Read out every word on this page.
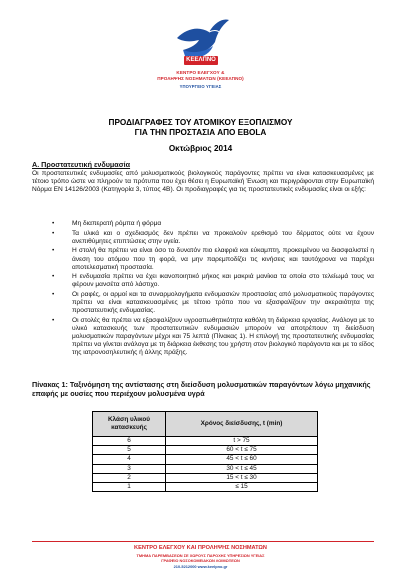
ΚΕΕΛΠΝΟ
ΚΕΝΤΡΟ ΕΛΕΓΧΟΥ &
ΠΡΟΛΗΨΗΣ ΝΟΣΗΜΑΤΩΝ (ΚΕΕΛΠΝΟ)
ΥΠΟΥΡΓΕΙΟ ΥΓΕΙΑΣ
ΠΡΟΔΙΑΓΡΑΦΕΣ ΤΟΥ ΑΤΟΜΙΚΟΥ ΕΞΟΠΛΙΣΜΟΥ
ΓΙΑ ΤΗΝ ΠΡΟΣΤΑΣΙΑ ΑΠΟ EBOLA
Οκτώβριος 2014
Α. Προστατευτική ενδυμασία
Οι προστατευτικές ενδυμασίες από μολυσματικούς βιολογικούς παράγοντες πρέπει να είναι κατασκευασμένες με τέτοιο τρόπο ώστε να πληρούν τα πρότυπα που έχει θέσει η Ευρωπαϊκή Ένωση και περιγράφονται στην Ευρωπαϊκή Νόρμα ΕΝ 14126/2003 (Κατηγορία 3, τύπος 4Β). Οι προδιαγραφές για τις προστατευτικές ενδυμασίες είναι οι εξής:
•	Μη διαπερατή ρόμπα ή φόρμα
•	Τα υλικά και ο σχεδιασμός δεν πρέπει να προκαλούν ερεθισμό του δέρματος ούτε να έχουν ανεπιθύμητες επιπτώσεις στην υγεία.
•	Η στολή θα πρέπει να είναι όσο το δυνατόν πιο ελαφριά και εύκαμπτη, προκειμένου να διασφαλιστεί η άνεση του ατόμου που τη φορά, να μην παρεμποδίζει τις κινήσεις και ταυτόχρονα να παρέχει αποτελεσματική προστασία.
•	Η ενδυμασία πρέπει να έχει ικανοποιητικό μήκος και μακριά μανίκια τα οποία στο τελείωμά τους να φέρουν μανσέτα από λάστιχο.
•	Οι ραφές, οι αρμοί και τα συναρμολογήματα ενδυμασιών προστασίας από μολυσματικούς παράγοντες πρέπει να είναι κατασκευασμένες με τέτοιο τρόπο που να εξασφαλίζουν την ακεραιότητα της προστατευτικής ενδυμασίας.
•	Οι στολές θα πρέπει να εξασφαλίζουν υγροαπωθητικότητα καθόλη τη διάρκεια εργασίας. Ανάλογα με το υλικό κατασκευής των προστατευτικών ενδυμασιών μπορούν να αποτρέπουν τη διείσδυση μολυσματικών παραγόντων μέχρι και 75 λεπτά (Πίνακας 1). Η επιλογή της προστατευτικής ενδυμασίας πρέπει να γίνεται ανάλογα με τη διάρκεια έκθεσης του χρήστη στον βιολογικό παράγοντα και με το είδος της ιατρονοσηλευτικής ή άλλης πράξης.
Πίνακας 1: Ταξινόμηση της αντίστασης στη διείσδυση μολυσματικών παραγόντων λόγω μηχανικής επαφής με ουσίες που περιέχουν μολυσμένα υγρά
Κλάση υλικού κατασκευής	Χρόνος διείσδυσης, t (min)
6	t > 75
5	60 < t ≤ 75
4	45 < t ≤ 60
3	30 < t ≤ 45
2	15 < t ≤ 30
1	≤ 15
ΚΕΝΤΡΟ ΕΛΕΓΧΟΥ ΚΑΙ ΠΡΟΛΗΨΗΣ ΝΟΣΗΜΑΤΩΝ
ΤΜΗΜΑ ΠΑΡΕΜΒΑΣΕΩΝ ΣΕ ΧΩΡΟΥΣ ΠΑΡΟΧΗΣ ΥΠΗΡΕΣΙΩΝ ΥΓΕΙΑΣ
ΓΡΑΦΕΙΟ ΝΟΣΟΚΟΜΕΙΑΚΩΝ ΛΟΙΜΩΞΕΩΝ
210-5212000 www.keelpno.gr
